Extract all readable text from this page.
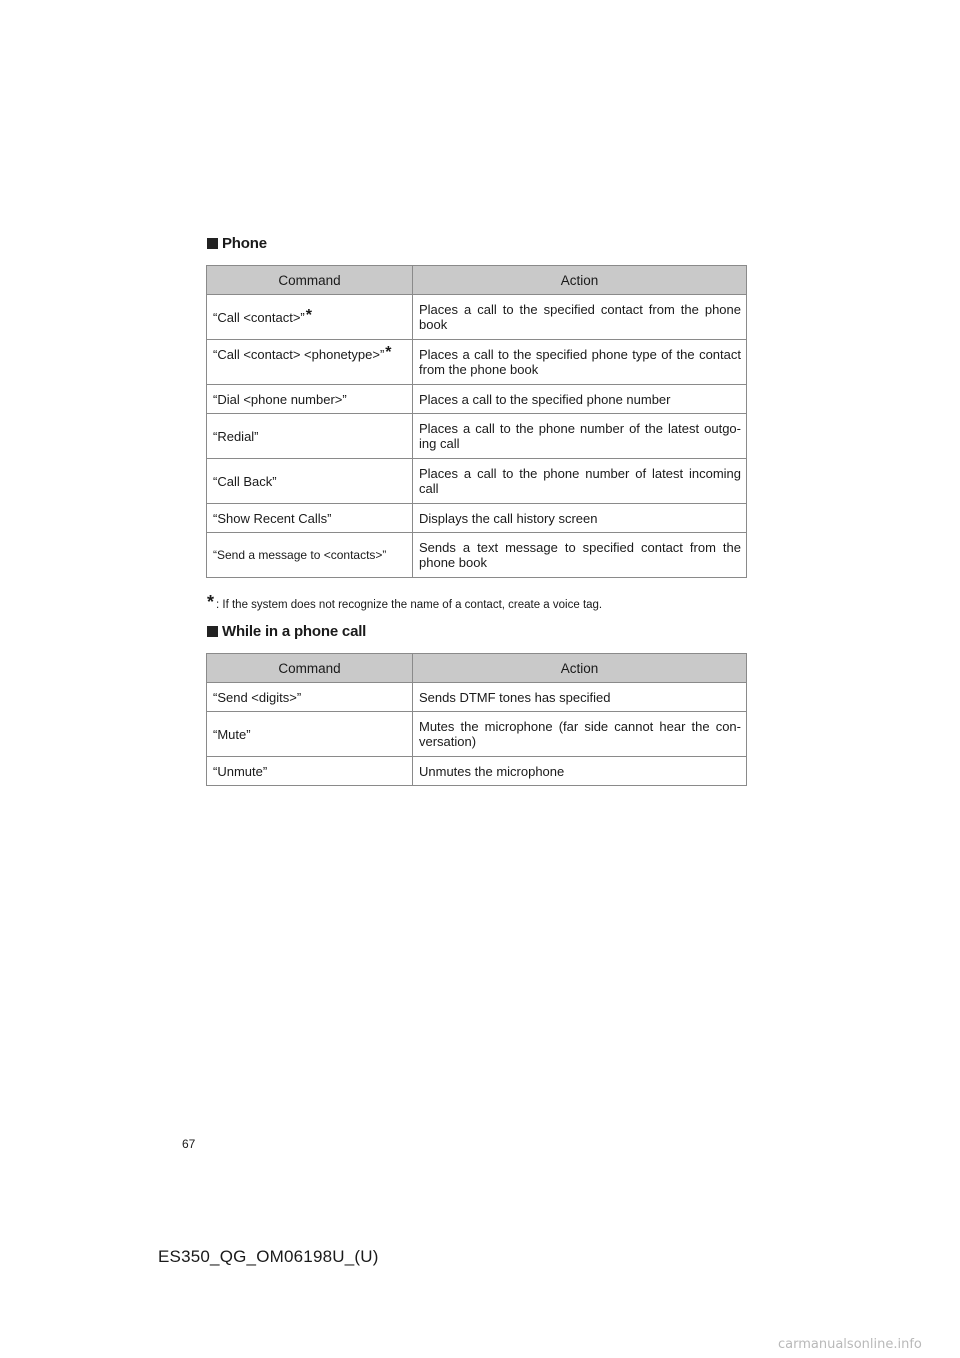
Phone
Command	Action
“Call <contact>”*	Places a call to the specified contact from the phone book
“Call <contact> <phonetype>”*	Places a call to the specified phone type of the contact from the phone book
“Dial <phone number>”	Places a call to the specified phone number
“Redial”	Places a call to the phone number of the latest outgo- ing call
“Call Back”	Places a call to the phone number of latest incoming call
“Show Recent Calls”	Displays the call history screen
“Send a message to <contacts>”	Sends a text message to specified contact from the phone book
* : If the system does not recognize the name of a contact, create a voice tag.
While in a phone call
Command	Action
“Send <digits>”	Sends DTMF tones has specified
“Mute”	Mutes the microphone (far side cannot hear the con- versation)
“Unmute”	Unmutes the microphone
67
ES350_QG_OM06198U_(U)
carmanualsonline.info
